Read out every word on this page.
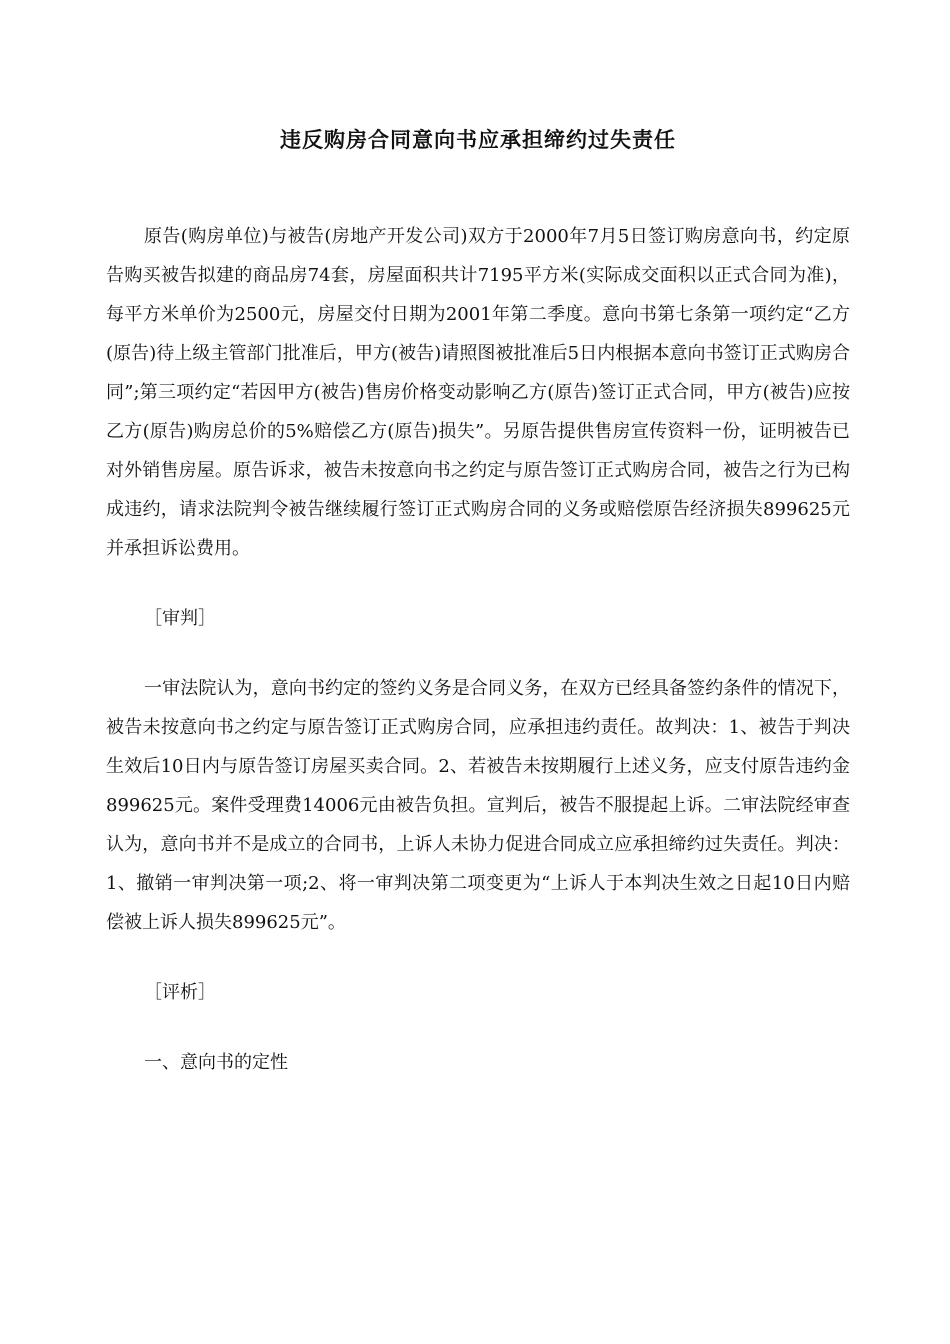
违反购房合同意向书应承担缔约过失责任

原告(购房单位)与被告(房地产开发公司)双方于2000年7月5日签订购房意向书，约定原告购买被告拟建的商品房74套，房屋面积共计7195平方米(实际成交面积以正式合同为准)，每平方米单价为2500元，房屋交付日期为2001年第二季度。意向书第七条第一项约定“乙方(原告)待上级主管部门批准后，甲方(被告)请照图被批准后5日内根据本意向书签订正式购房合同”;第三项约定“若因甲方(被告)售房价格变动影响乙方(原告)签订正式合同，甲方(被告)应按乙方(原告)购房总价的5%赔偿乙方(原告)损失”。另原告提供售房宣传资料一份，证明被告已对外销售房屋。原告诉求，被告未按意向书之约定与原告签订正式购房合同，被告之行为已构成违约，请求法院判令被告继续履行签订正式购房合同的义务或赔偿原告经济损失899625元并承担诉讼费用。

［审判］

一审法院认为，意向书约定的签约义务是合同义务，在双方已经具备签约条件的情况下，被告未按意向书之约定与原告签订正式购房合同，应承担违约责任。故判决：1、被告于判决生效后10日内与原告签订房屋买卖合同。2、若被告未按期履行上述义务，应支付原告违约金899625元。案件受理费14006元由被告负担。宣判后，被告不服提起上诉。二审法院经审查认为，意向书并不是成立的合同书，上诉人未协力促进合同成立应承担缔约过失责任。判决：1、撤销一审判决第一项;2、将一审判决第二项变更为“上诉人于本判决生效之日起10日内赔偿被上诉人损失899625元”。

［评析］

一、意向书的定性
